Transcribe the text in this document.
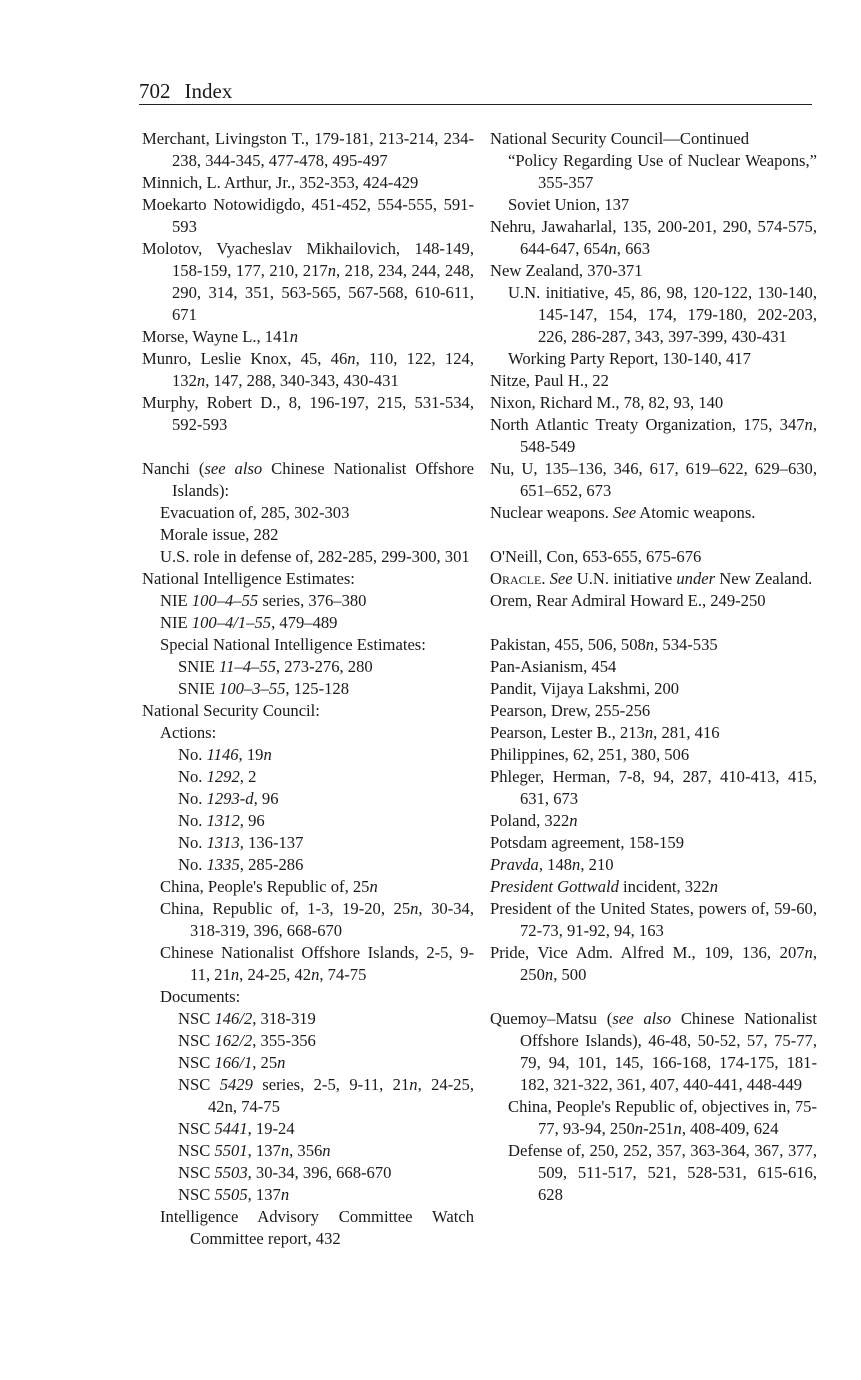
702 Index
Merchant, Livingston T., 179-181, 213-214, 234-238, 344-345, 477-478, 495-497
Minnich, L. Arthur, Jr., 352-353, 424-429
Moekarto Notowidigdo, 451-452, 554-555, 591-593
Molotov, Vyacheslav Mikhailovich, 148-149, 158-159, 177, 210, 217n, 218, 234, 244, 248, 290, 314, 351, 563-565, 567-568, 610-611, 671
Morse, Wayne L., 141n
Munro, Leslie Knox, 45, 46n, 110, 122, 124, 132n, 147, 288, 340-343, 430-431
Murphy, Robert D., 8, 196-197, 215, 531-534, 592-593
Nanchi (see also Chinese Nationalist Offshore Islands):
Evacuation of, 285, 302-303
Morale issue, 282
U.S. role in defense of, 282-285, 299-300, 301
National Intelligence Estimates:
NIE 100–4–55 series, 376–380
NIE 100–4/1–55, 479–489
Special National Intelligence Estimates:
SNIE 11–4–55, 273-276, 280
SNIE 100–3–55, 125-128
National Security Council:
Actions:
No. 1146, 19n
No. 1292, 2
No. 1293-d, 96
No. 1312, 96
No. 1313, 136-137
No. 1335, 285-286
China, People's Republic of, 25n
China, Republic of, 1-3, 19-20, 25n, 30-34, 318-319, 396, 668-670
Chinese Nationalist Offshore Islands, 2-5, 9-11, 21n, 24-25, 42n, 74-75
Documents:
NSC 146/2, 318-319
NSC 162/2, 355-356
NSC 166/1, 25n
NSC 5429 series, 2-5, 9-11, 21n, 24-25, 42n, 74-75
NSC 5441, 19-24
NSC 5501, 137n, 356n
NSC 5503, 30-34, 396, 668-670
NSC 5505, 137n
Intelligence Advisory Committee Watch Committee report, 432
National Security Council—Continued
“Policy Regarding Use of Nuclear Weapons,” 355-357
Soviet Union, 137
Nehru, Jawaharlal, 135, 200-201, 290, 574-575, 644-647, 654n, 663
New Zealand, 370-371
U.N. initiative, 45, 86, 98, 120-122, 130-140, 145-147, 154, 174, 179-180, 202-203, 226, 286-287, 343, 397-399, 430-431
Working Party Report, 130-140, 417
Nitze, Paul H., 22
Nixon, Richard M., 78, 82, 93, 140
North Atlantic Treaty Organization, 175, 347n, 548-549
Nu, U, 135–136, 346, 617, 619–622, 629–630, 651–652, 673
Nuclear weapons. See Atomic weapons.
O'Neill, Con, 653-655, 675-676
Oracle. See U.N. initiative under New Zealand.
Orem, Rear Admiral Howard E., 249-250
Pakistan, 455, 506, 508n, 534-535
Pan-Asianism, 454
Pandit, Vijaya Lakshmi, 200
Pearson, Drew, 255-256
Pearson, Lester B., 213n, 281, 416
Philippines, 62, 251, 380, 506
Phleger, Herman, 7-8, 94, 287, 410-413, 415, 631, 673
Poland, 322n
Potsdam agreement, 158-159
Pravda, 148n, 210
President Gottwald incident, 322n
President of the United States, powers of, 59-60, 72-73, 91-92, 94, 163
Pride, Vice Adm. Alfred M., 109, 136, 207n, 250n, 500
Quemoy–Matsu (see also Chinese Nationalist Offshore Islands), 46-48, 50-52, 57, 75-77, 79, 94, 101, 145, 166-168, 174-175, 181-182, 321-322, 361, 407, 440-441, 448-449
China, People's Republic of, objectives in, 75-77, 93-94, 250n-251n, 408-409, 624
Defense of, 250, 252, 357, 363-364, 367, 377, 509, 511-517, 521, 528-531, 615-616, 628
